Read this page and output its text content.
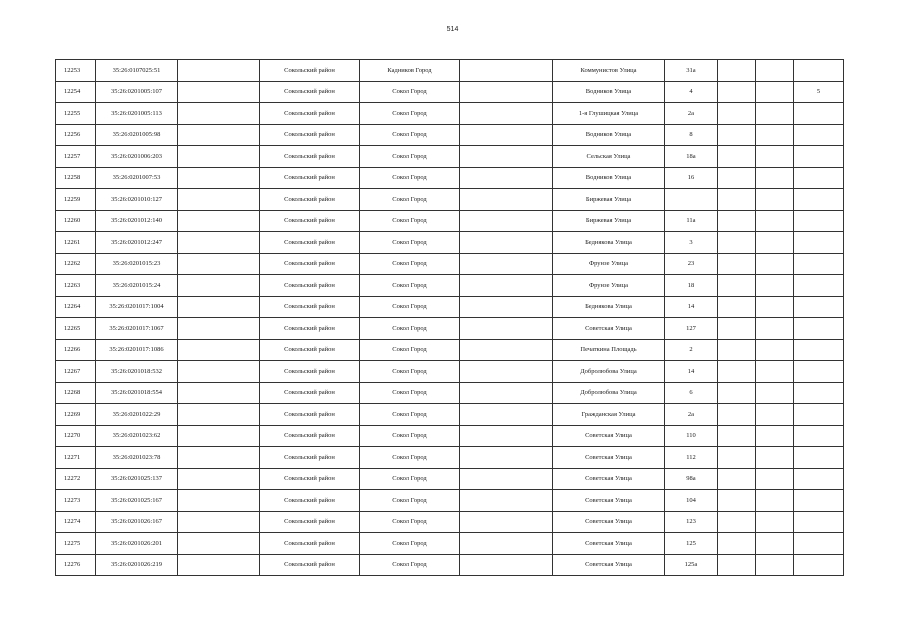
514
12253	35:26:0107025:51		Сокольский район	Кадников Город		Коммунистов Улица	31а			
12254	35:26:0201005:107		Сокольский район	Сокол Город		Водников Улица	4			5
12255	35:26:0201005:113		Сокольский район	Сокол Город		1-я Глушицкая Улица	2а			
12256	35:26:0201005:98		Сокольский район	Сокол Город		Водников Улица	8			
12257	35:26:0201006:203		Сокольский район	Сокол Город		Сельская Улица	18а			
12258	35:26:0201007:53		Сокольский район	Сокол Город		Водников Улица	16			
12259	35:26:0201010:127		Сокольский район	Сокол Город		Биржевая Улица				
12260	35:26:0201012:140		Сокольский район	Сокол Город		Биржевая Улица	11а			
12261	35:26:0201012:247		Сокольский район	Сокол Город		Беднякова Улица	3			
12262	35:26:0201015:23		Сокольский район	Сокол Город		Фрунзе Улица	23			
12263	35:26:0201015:24		Сокольский район	Сокол Город		Фрунзе Улица	18			
12264	35:26:0201017:1004		Сокольский район	Сокол Город		Беднякова Улица	14			
12265	35:26:0201017:1067		Сокольский район	Сокол Город		Советская Улица	127			
12266	35:26:0201017:1086		Сокольский район	Сокол Город		Печаткина Площадь	2			
12267	35:26:0201018:532		Сокольский район	Сокол Город		Добролюбова Улица	14			
12268	35:26:0201018:554		Сокольский район	Сокол Город		Добролюбова Улица	6			
12269	35:26:0201022:29		Сокольский район	Сокол Город		Гражданская Улица	2а			
12270	35:26:0201023:62		Сокольский район	Сокол Город		Советская Улица	110			
12271	35:26:0201023:78		Сокольский район	Сокол Город		Советская Улица	112			
12272	35:26:0201025:137		Сокольский район	Сокол Город		Советская Улица	98а			
12273	35:26:0201025:167		Сокольский район	Сокол Город		Советская Улица	104			
12274	35:26:0201026:167		Сокольский район	Сокол Город		Советская Улица	123			
12275	35:26:0201026:201		Сокольский район	Сокол Город		Советская Улица	125			
12276	35:26:0201026:219		Сокольский район	Сокол Город		Советская Улица	125а			
